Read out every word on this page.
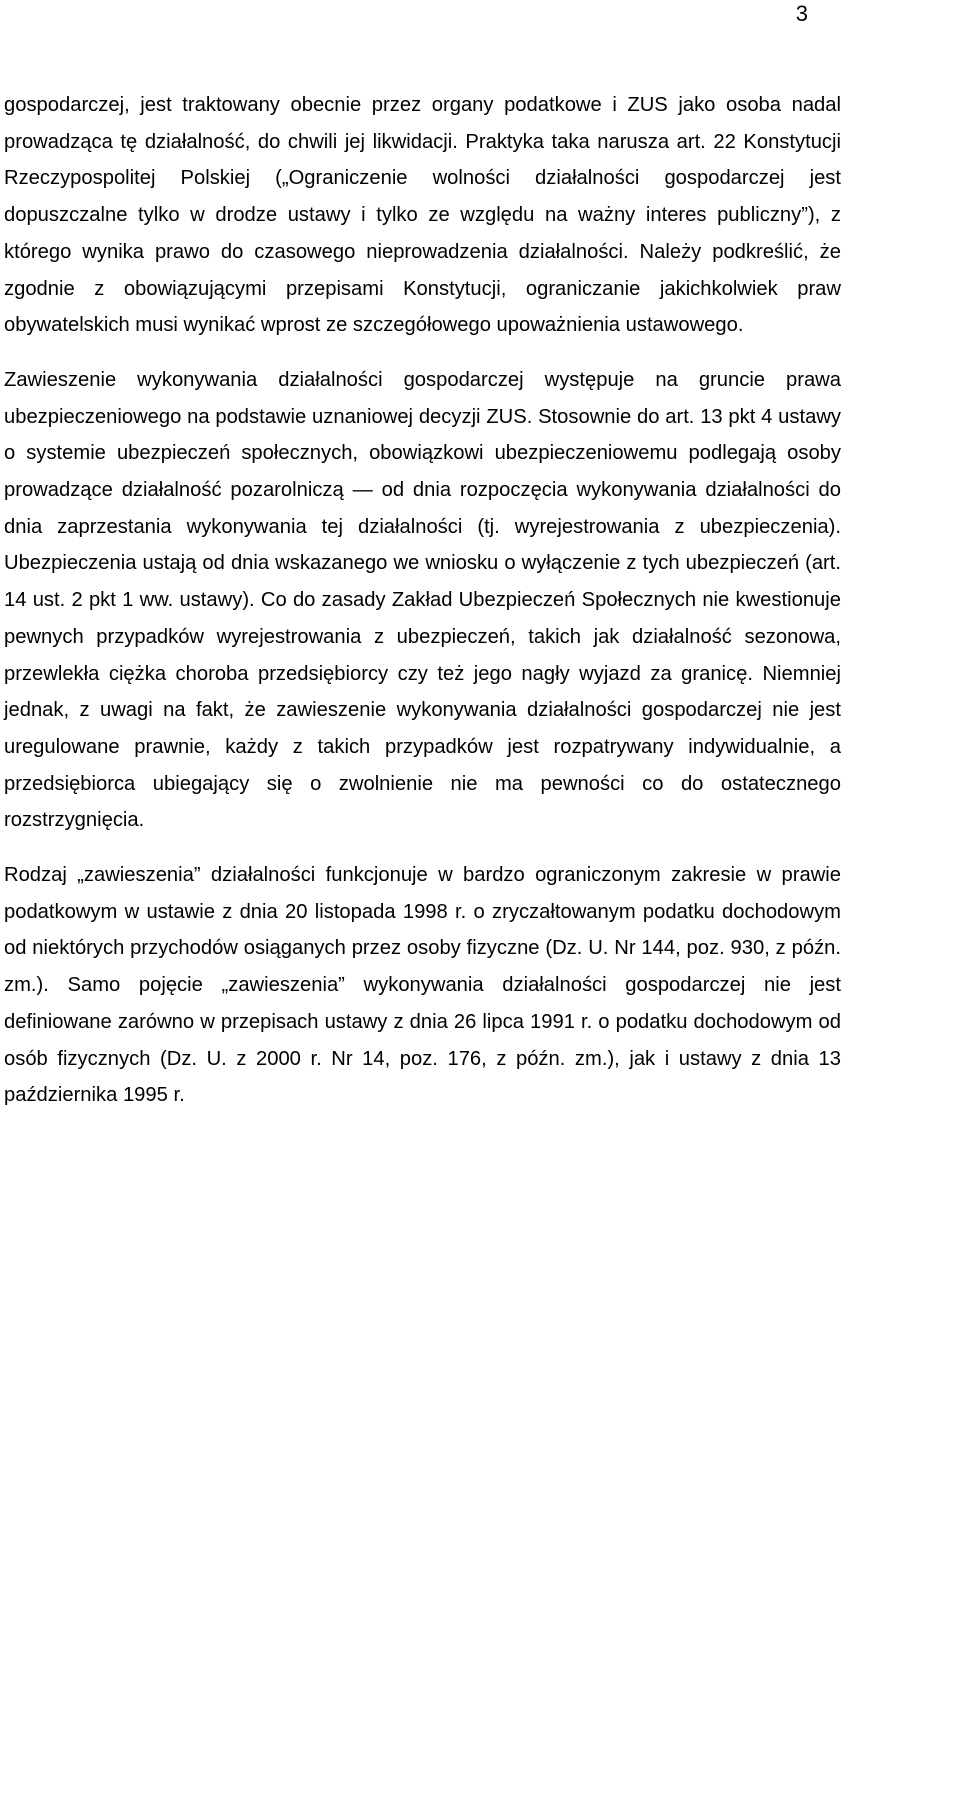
3

gospodarczej, jest traktowany obecnie przez organy podatkowe i ZUS jako osoba nadal prowadząca tę działalność, do chwili jej likwidacji. Praktyka taka narusza art. 22 Konstytucji Rzeczypospolitej Polskiej („Ograniczenie wolności działalności gospodarczej jest dopuszczalne tylko w drodze ustawy i tylko ze względu na ważny interes publiczny”), z którego wynika prawo do czasowego nieprowadzenia działalności. Należy podkreślić, że zgodnie z obowiązującymi przepisami Konstytucji, ograniczanie jakichkolwiek praw obywatelskich musi wynikać wprost ze szczegółowego upoważnienia ustawowego.

Zawieszenie wykonywania działalności gospodarczej występuje na gruncie prawa ubezpieczeniowego na podstawie uznaniowej decyzji ZUS. Stosownie do art. 13 pkt 4 ustawy o systemie ubezpieczeń społecznych, obowiązkowi ubezpieczeniowemu podlegają osoby prowadzące działalność pozarolniczą — od dnia rozpoczęcia wykonywania działalności do dnia zaprzestania wykonywania tej działalności (tj. wyrejestrowania z ubezpieczenia). Ubezpieczenia ustają od dnia wskazanego we wniosku o wyłączenie z tych ubezpieczeń (art. 14 ust. 2 pkt 1 ww. ustawy). Co do zasady Zakład Ubezpieczeń Społecznych nie kwestionuje pewnych przypadków wyrejestrowania z ubezpieczeń, takich jak działalność sezonowa, przewlekła ciężka choroba przedsiębiorcy czy też jego nagły wyjazd za granicę. Niemniej jednak, z uwagi na fakt, że zawieszenie wykonywania działalności gospodarczej nie jest uregulowane prawnie, każdy z takich przypadków jest rozpatrywany indywidualnie, a przedsiębiorca ubiegający się o zwolnienie nie ma pewności co do ostatecznego rozstrzygnięcia.

Rodzaj „zawieszenia” działalności funkcjonuje w bardzo ograniczonym zakresie w prawie podatkowym w ustawie z dnia 20 listopada 1998 r. o zryczałtowanym podatku dochodowym od niektórych przychodów osiąganych przez osoby fizyczne (Dz. U. Nr 144, poz. 930, z późn. zm.). Samo pojęcie „zawieszenia” wykonywania działalności gospodarczej nie jest definiowane zarówno w przepisach ustawy z dnia 26 lipca 1991 r. o podatku dochodowym od osób fizycznych (Dz. U. z 2000 r. Nr 14, poz. 176, z późn. zm.), jak i ustawy z dnia 13 października 1995 r.
